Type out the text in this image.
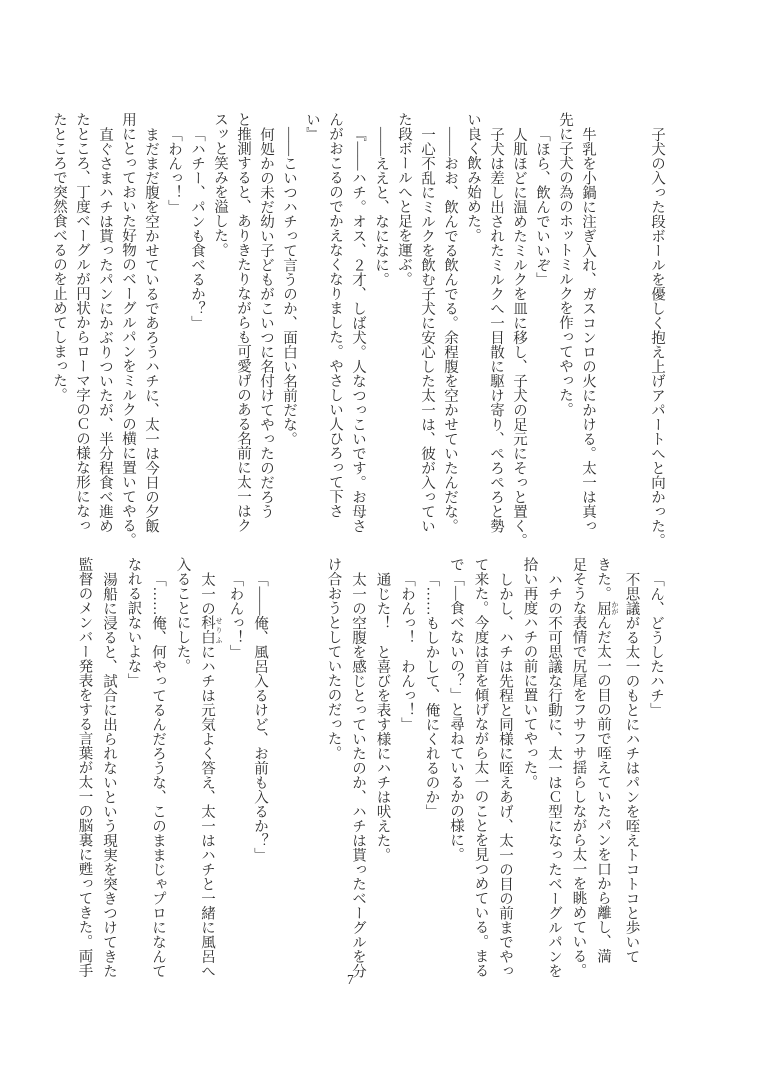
子犬の入った段ボールを優しく抱え上げアパートへと向かった。

牛乳を小鍋に注ぎ入れ、ガスコンロの火にかける。太一は真っ
先に子犬の為のホットミルクを作ってやった。
「ほら、飲んでいいぞ」
人肌ほどに温めたミルクを皿に移し、子犬の足元にそっと置く。
子犬は差し出されたミルクへ一目散に駆け寄り、ぺろぺろと勢
い良く飲み始めた。
――おお、飲んでる飲んでる。余程腹を空かせていたんだな。
一心不乱にミルクを飲む子犬に安心した太一は、彼が入ってい
た段ボールへと足を運ぶ。
――ええと、なになに。
『――ハチ。オス、２才、しば犬。人なつっこいです。お母さ
んがおこるのでかえなくなりました。やさしい人ひろって下さ
い』
――こいつハチって言うのか、面白い名前だな。
何処かの未だ幼い子どもがこいつに名付けてやったのだろう
と推測すると、ありきたりながらも可愛げのある名前に太一はク
スッと笑みを溢した。
「ハチー、パンも食べるか？」
「わんっ！」
まだまだ腹を空かせているであろうハチに、太一は今日の夕飯
用にとっておいた好物のベーグルパンをミルクの横に置いてやる。
直ぐさまハチは貰ったパンにかぶりついたが、半分程食べ進め
たところ、丁度ベーグルが円状からローマ字のＣの様な形になっ
たところで突然食べるのを止めてしまった。
「ん、どうしたハチ」
不思議がる太一のもとにハチはパンを咥えトコトコと歩いて
きた。屈 かがんだ太一の目の前で咥えていたパンを口から離し、満
足そうな表情で尻尾をフサフサ揺らしながら太一を眺めている。
ハチの不可思議な行動に、太一はＣ型になったベーグルパンを
拾い再度ハチの前に置いてやった。
しかし、ハチは先程と同様に咥えあげ、太一の目の前までやっ
て来た。今度は首を傾げながら太一のことを見つめている。まる
で「―食べないの？」と尋ねているかの様に。
「……もしかして、俺にくれるのか」
「わんっ！　わんっ！」
通じた！　と喜びを表す様にハチは吠えた。
太一の空腹を感じとっていたのか、ハチは貰ったベーグルを分
け合おうとしていたのだった。

「――俺、風呂入るけど、お前も入るか？」
「わんっ！」
太一の科白 せりふにハチは元気よく答え、太一はハチと一緒に風呂へ
入ることにした。
「……俺、何やってるんだろうな、このままじゃプロになんて
なれる訳ないよな」
湯船に浸ると、試合に出られないという現実を突きつけてきた
監督のメンバー発表をする言葉が太一の脳裏に甦ってきた。両手
7
